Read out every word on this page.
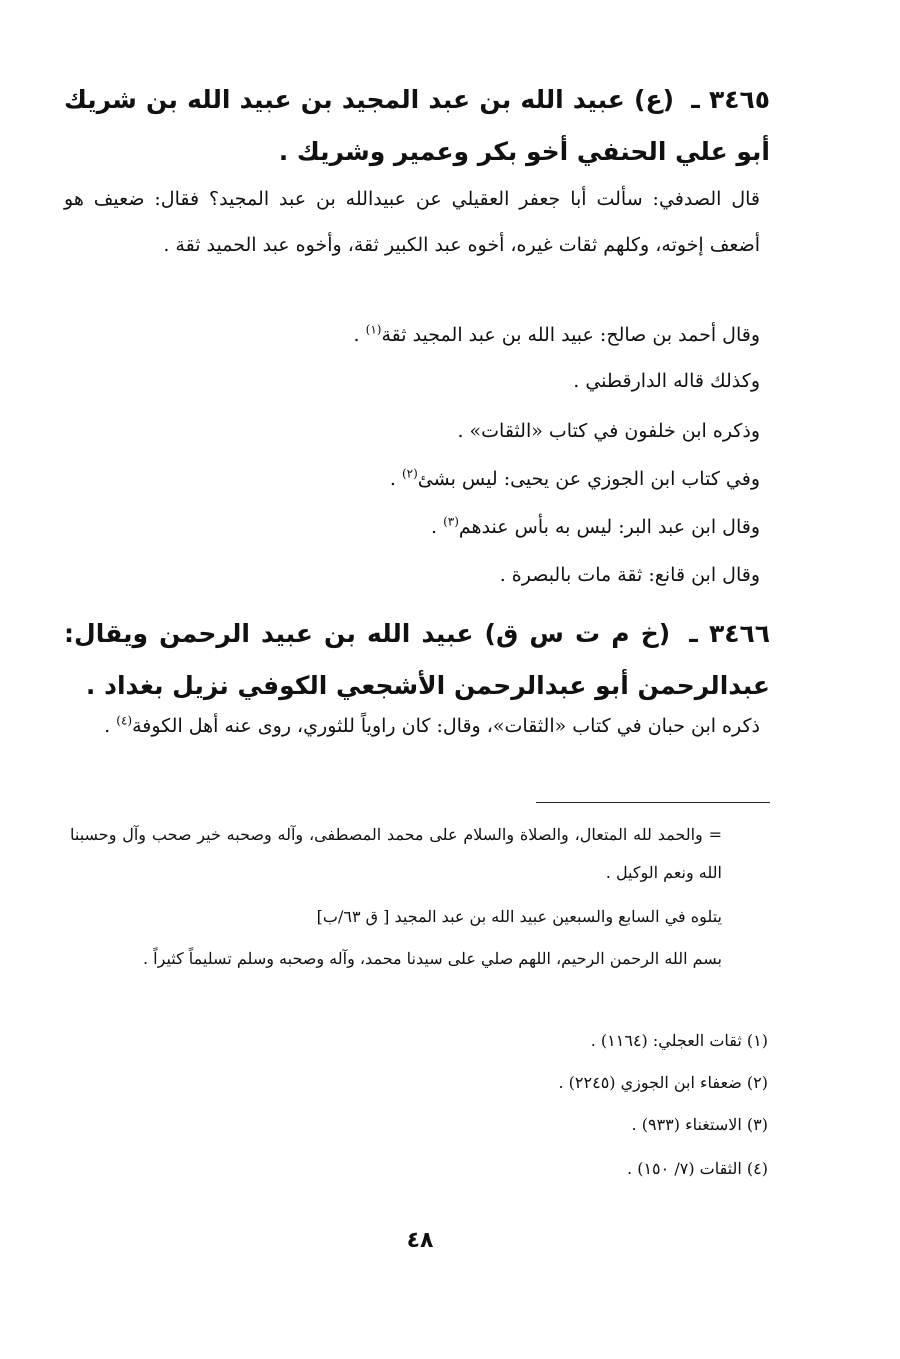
٣٤٦٥ ـ (ع) عبيد الله بن عبد المجيد بن عبيد الله بن شريك أبو علي الحنفي أخو بكر وعمير وشريك .
قال الصدفي: سألت أبا جعفر العقيلي عن عبيدالله بن عبد المجيد؟ فقال: ضعيف هو أضعف إخوته، وكلهم ثقات غيره، أخوه عبد الكبير ثقة، وأخوه عبد الحميد ثقة .
وقال أحمد بن صالح: عبيد الله بن عبد المجيد ثقة$^{(١)}$ .
وكذلك قاله الدارقطني .
وذكره ابن خلفون في كتاب «الثقات» .
وفي كتاب ابن الجوزي عن يحيى: ليس بشئ$^{(٢)}$ .
وقال ابن عبد البر: ليس به بأس عندهم$^{(٣)}$ .
وقال ابن قانع: ثقة مات بالبصرة .
٣٤٦٦ ـ (خ م ت س ق) عبيد الله بن عبيد الرحمن ويقال: عبدالرحمن أبو عبدالرحمن الأشجعي الكوفي نزيل بغداد .
ذكره ابن حبان في كتاب «الثقات»، وقال: كان راوياً للثوري، روى عنه أهل الكوفة$^{(٤)}$ .
= والحمد لله المتعال، والصلاة والسلام على محمد المصطفى، وآله وصحبه خير صحب وآل وحسبنا الله ونعم الوكيل .
يتلوه في السابع والسبعين عبيد الله بن عبد المجيد [ ق ٦٣/ب]
بسم الله الرحمن الرحيم، اللهم صلي على سيدنا محمد، وآله وصحبه وسلم تسليماً كثيراً .
(١) ثقات العجلي: (١١٦٤) .
(٢) ضعفاء ابن الجوزي (٢٢٤٥) .
(٣) الاستغناء (٩٣٣) .
(٤) الثقات (٧/ ١٥٠) .
٤٨
